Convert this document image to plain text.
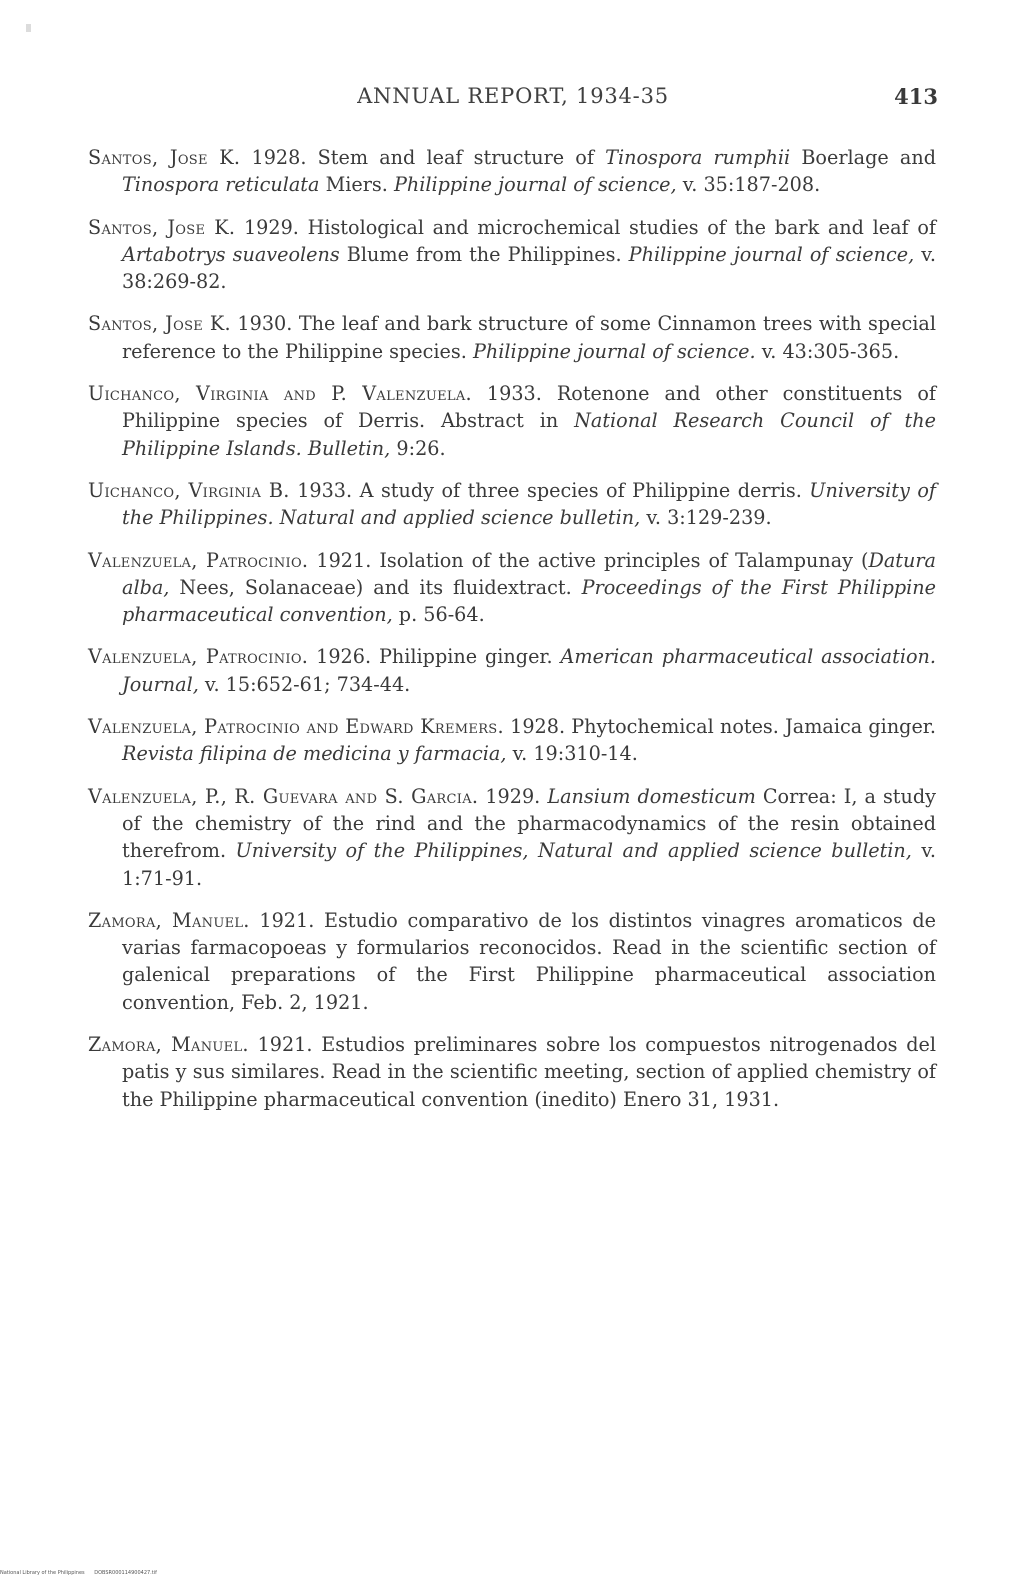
ANNUAL REPORT, 1934-35	413

Santos, Jose K. 1928. Stem and leaf structure of Tinospora rumphii Boerlage and Tinospora reticulata Miers. Philippine journal of science, v. 35:187-208.

Santos, Jose K. 1929. Histological and microchemical studies of the bark and leaf of Artabotrys suaveolens Blume from the Philippines. Philippine journal of science, v. 38:269-82.

Santos, Jose K. 1930. The leaf and bark structure of some Cinnamon trees with special reference to the Philippine species. Philippine journal of science. v. 43:305-365.

Uichanco, Virginia and P. Valenzuela. 1933. Rotenone and other constituents of Philippine species of Derris. Abstract in National Research Council of the Philippine Islands. Bulletin, 9:26.

Uichanco, Virginia B. 1933. A study of three species of Philippine derris. University of the Philippines. Natural and applied science bulletin, v. 3:129-239.

Valenzuela, Patrocinio. 1921. Isolation of the active principles of Talampunay (Datura alba, Nees, Solanaceae) and its fluidextract. Proceedings of the First Philippine pharmaceutical convention, p. 56-64.

Valenzuela, Patrocinio. 1926. Philippine ginger. American pharmaceutical association. Journal, v. 15:652-61; 734-44.

Valenzuela, Patrocinio and Edward Kremers. 1928. Phytochemical notes. Jamaica ginger. Revista filipina de medicina y farmacia, v. 19:310-14.

Valenzuela, P., R. Guevara and S. Garcia. 1929. Lansium domesticum Correa: I, a study of the chemistry of the rind and the pharmacodynamics of the resin obtained therefrom. University of the Philippines, Natural and applied science bulletin, v. 1:71-91.

Zamora, Manuel. 1921. Estudio comparativo de los distintos vinagres aromaticos de varias farmacopoeas y formularios reconocidos. Read in the scientific section of galenical preparations of the First Philippine pharmaceutical association convention, Feb. 2, 1921.

Zamora, Manuel. 1921. Estudios preliminares sobre los compuestos nitrogenados del patis y sus similares. Read in the scientific meeting, section of applied chemistry of the Philippine pharmaceutical convention (inedito) Enero 31, 1931.

National Library of the Philippines DOBSR000114900427.tif
